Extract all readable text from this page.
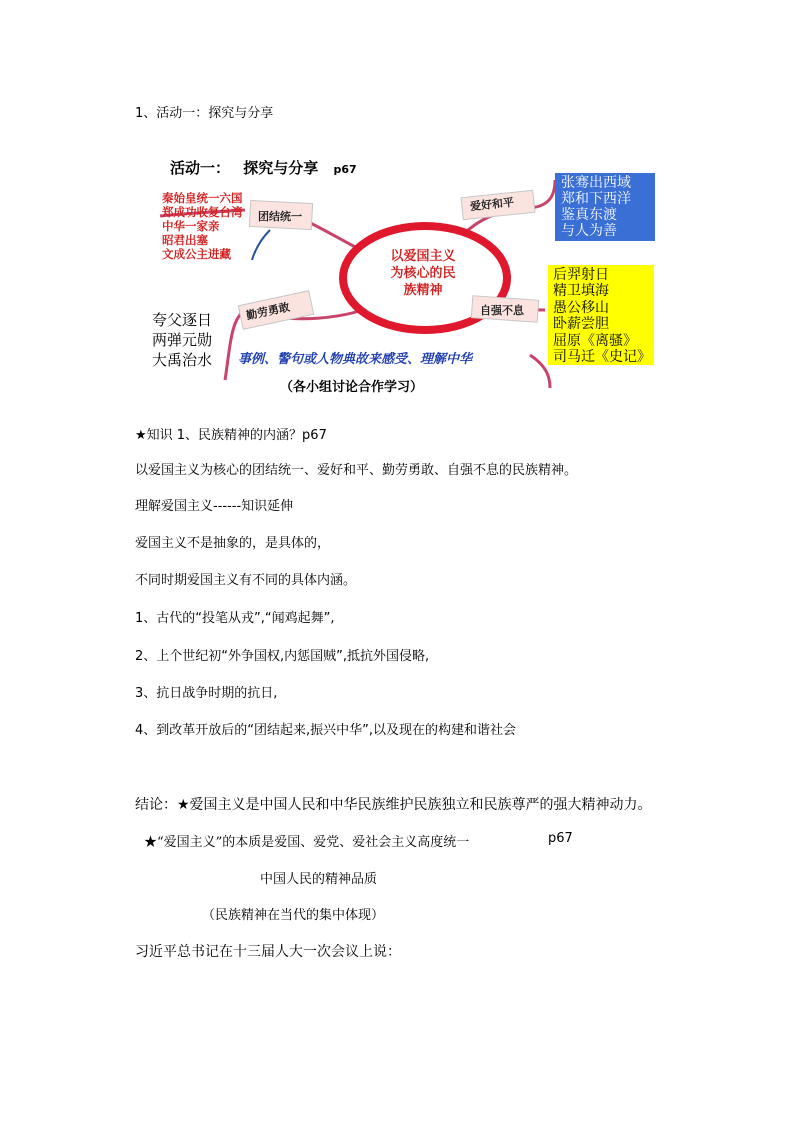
1、活动一：探究与分享
活动一： 探究与分享 p67
秦始皇统一六国
郑成功收复台湾
中华一家亲
昭君出塞
文成公主进藏
团结统一
爱好和平
勤劳勇敢	自强不息
以爱国主义
为核心的民
族精神
张骞出西域
郑和下西洋
鉴真东渡
与人为善
后羿射日
精卫填海
愚公移山
卧薪尝胆
屈原《离骚》
司马迁《史记》
夸父逐日
两弹元勋
大禹治水 事例、警句或人物典故来感受、理解中华
（各小组讨论合作学习）
★知识 1、民族精神的内涵？p67
以爱国主义为核心的团结统一、爱好和平、勤劳勇敢、自强不息的民族精神。
理解爱国主义------知识延伸
爱国主义不是抽象的，是具体的，
不同时期爱国主义有不同的具体内涵。
1、古代的“投笔从戎”,“闻鸡起舞”,
2、上个世纪初“外争国权,内惩国贼”,抵抗外国侵略,
3、抗日战争时期的抗日,
4、到改革开放后的“团结起来,振兴中华”,以及现在的构建和谐社会
结论：★爱国主义是中国人民和中华民族维护民族独立和民族尊严的强大精神动力。
★“爱国主义”的本质是爱国、爱党、爱社会主义高度统一	p67
中国人民的精神品质
（民族精神在当代的集中体现）
习近平总书记在十三届人大一次会议上说：
